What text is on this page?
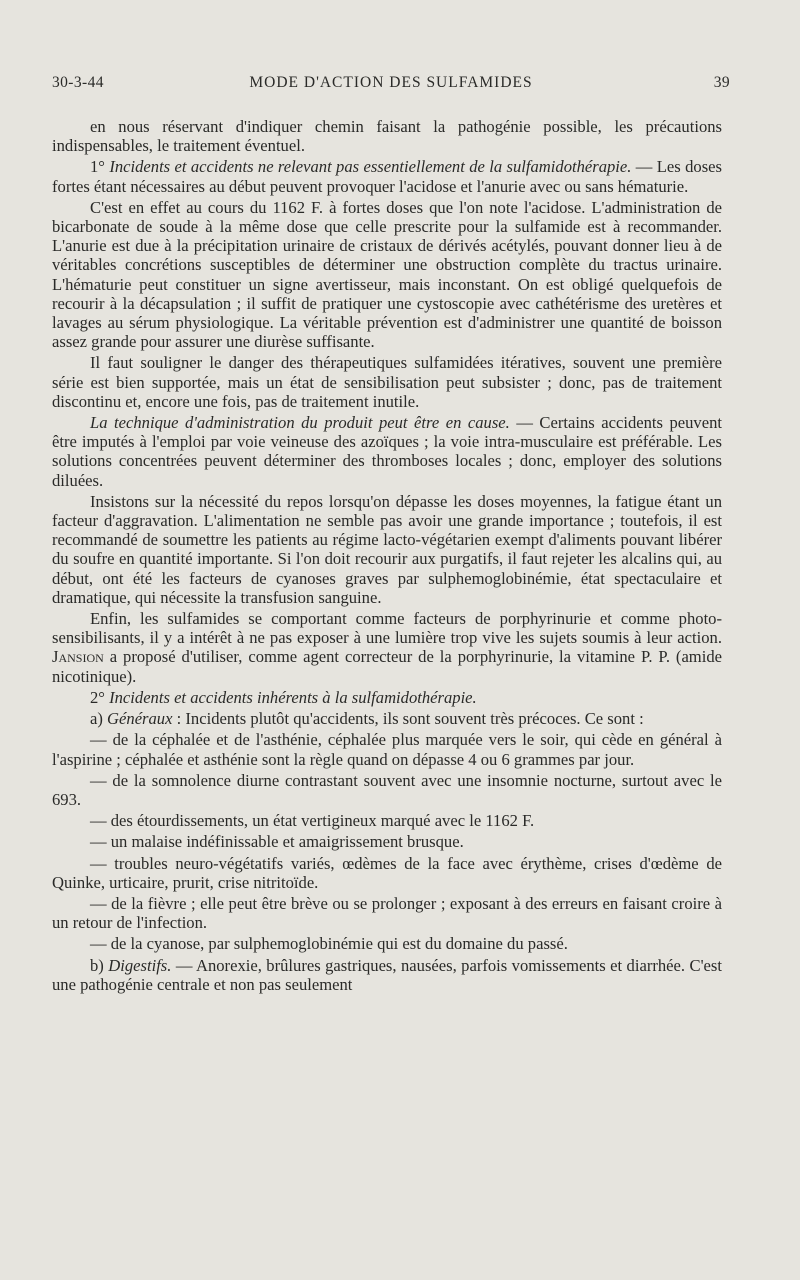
30-3-44	MODE D'ACTION DES SULFAMIDES	39

en nous réservant d'indiquer chemin faisant la pathogénie possible, les précautions indispensables, le traitement éventuel.

1° Incidents et accidents ne relevant pas essentiellement de la sulfamidothérapie. — Les doses fortes étant nécessaires au début peuvent provoquer l'acidose et l'anurie avec ou sans hématurie.

C'est en effet au cours du 1162 F. à fortes doses que l'on note l'acidose. L'administration de bicarbonate de soude à la même dose que celle prescrite pour la sulfamide est à recommander. L'anurie est due à la précipitation urinaire de cristaux de dérivés acétylés, pouvant donner lieu à de véritables concrétions susceptibles de déterminer une obstruction complète du tractus urinaire. L'hématurie peut constituer un signe avertisseur, mais inconstant. On est obligé quelquefois de recourir à la décapsulation ; il suffit de pratiquer une cystoscopie avec cathétérisme des uretères et lavages au sérum physiologique. La véritable prévention est d'administrer une quantité de boisson assez grande pour assurer une diurèse suffisante.

Il faut souligner le danger des thérapeutiques sulfamidées itératives, souvent une première série est bien supportée, mais un état de sensibilisation peut subsister ; donc, pas de traitement discontinu et, encore une fois, pas de traitement inutile.

La technique d'administration du produit peut être en cause. — Certains accidents peuvent être imputés à l'emploi par voie veineuse des azoïques ; la voie intra-musculaire est préférable. Les solutions concentrées peuvent déterminer des thromboses locales ; donc, employer des solutions diluées.

Insistons sur la nécessité du repos lorsqu'on dépasse les doses moyennes, la fatigue étant un facteur d'aggravation. L'alimentation ne semble pas avoir une grande importance ; toutefois, il est recommandé de soumettre les patients au régime lacto-végétarien exempt d'aliments pouvant libérer du soufre en quantité importante. Si l'on doit recourir aux purgatifs, il faut rejeter les alcalins qui, au début, ont été les facteurs de cyanoses graves par sulphemoglobinémie, état spectaculaire et dramatique, qui nécessite la transfusion sanguine.

Enfin, les sulfamides se comportant comme facteurs de porphyrinurie et comme photo-sensibilisants, il y a intérêt à ne pas exposer à une lumière trop vive les sujets soumis à leur action. Jansion a proposé d'utiliser, comme agent correcteur de la porphyrinurie, la vitamine P. P. (amide nicotinique).

2° Incidents et accidents inhérents à la sulfamidothérapie.

a) Généraux : Incidents plutôt qu'accidents, ils sont souvent très précoces. Ce sont :

— de la céphalée et de l'asthénie, céphalée plus marquée vers le soir, qui cède en général à l'aspirine ; céphalée et asthénie sont la règle quand on dépasse 4 ou 6 grammes par jour.

— de la somnolence diurne contrastant souvent avec une insomnie nocturne, surtout avec le 693.

— des étourdissements, un état vertigineux marqué avec le 1162 F.

— un malaise indéfinissable et amaigrissement brusque.

— troubles neuro-végétatifs variés, œdèmes de la face avec érythème, crises d'œdème de Quinke, urticaire, prurit, crise nitritoïde.

— de la fièvre ; elle peut être brève ou se prolonger ; exposant à des erreurs en faisant croire à un retour de l'infection.

— de la cyanose, par sulphemoglobinémie qui est du domaine du passé.

b) Digestifs. — Anorexie, brûlures gastriques, nausées, parfois vomissements et diarrhée. C'est une pathogénie centrale et non pas seulement
